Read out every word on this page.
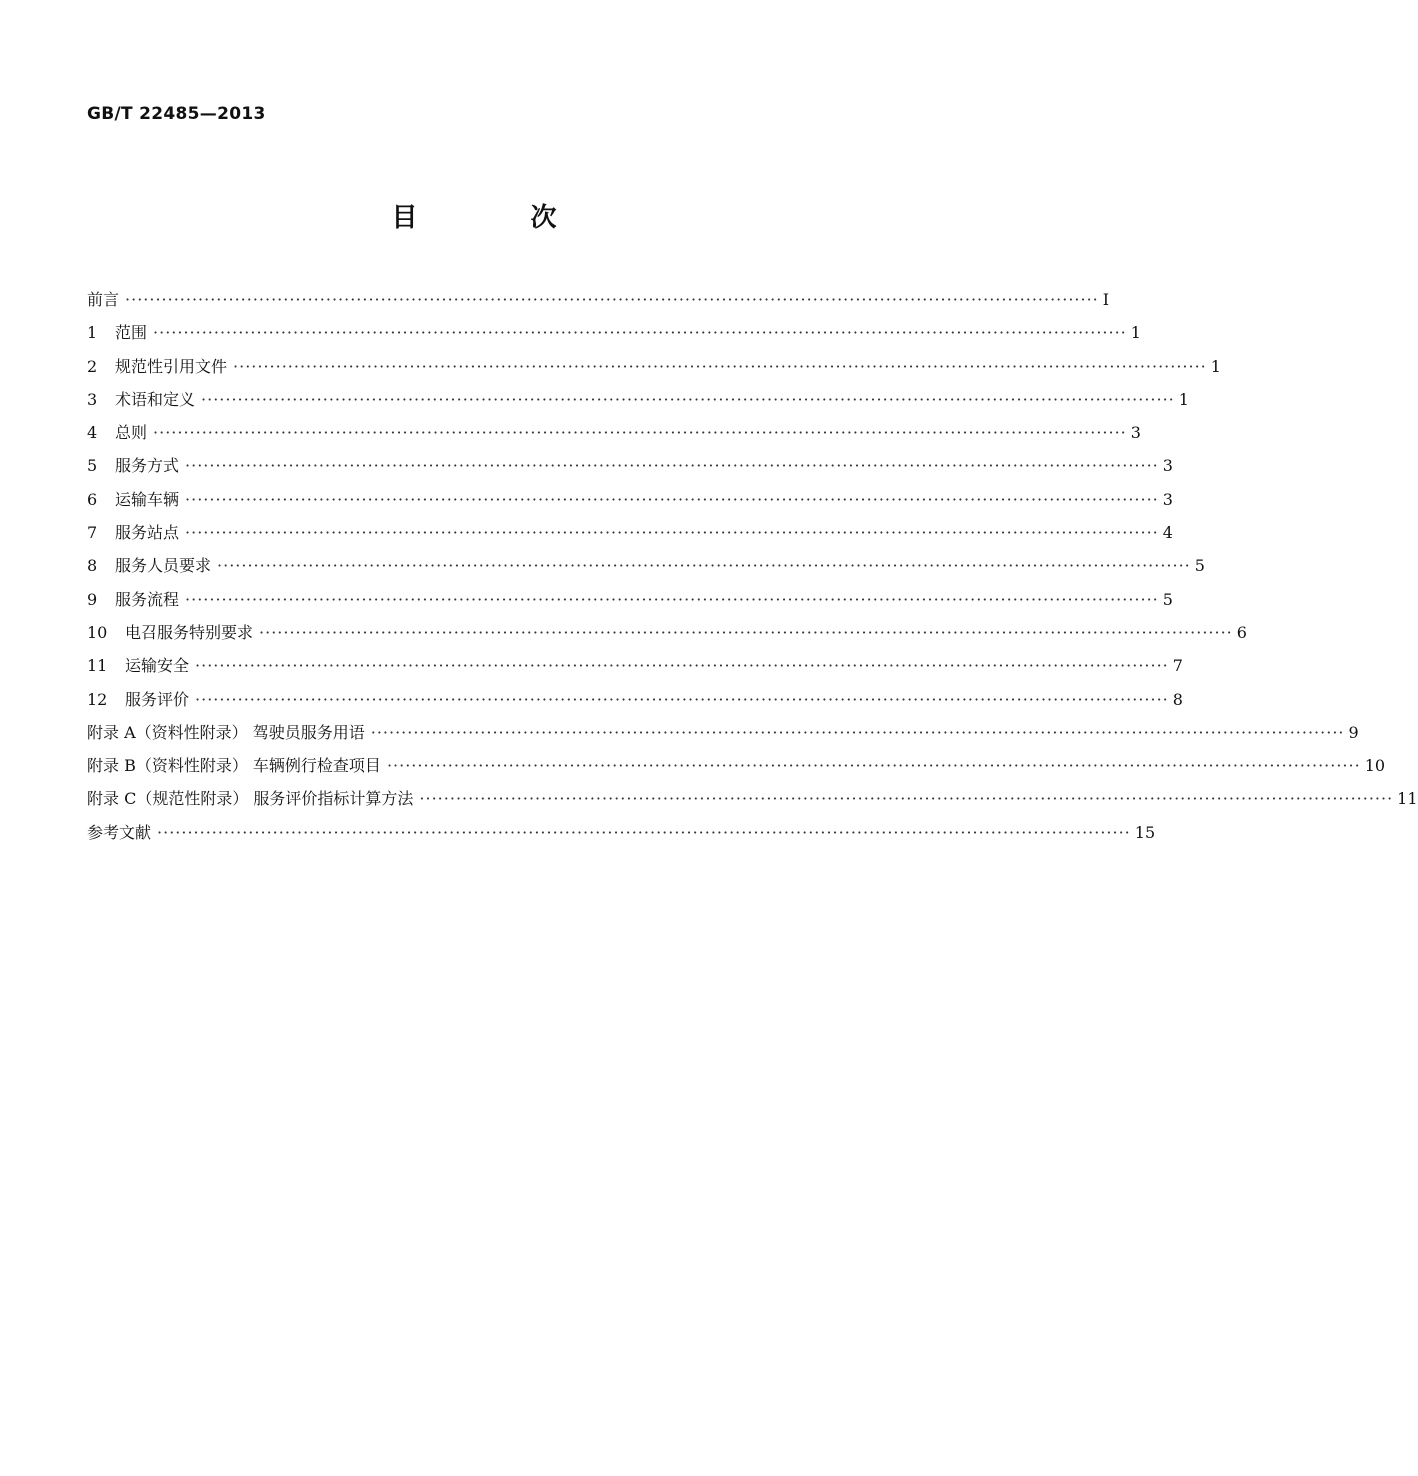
GB/T 22485—2013
目 次
前言 ·····	I
1	范围 ·····	1
2	规范性引用文件 ·····	1
3	术语和定义 ·····	1
4	总则 ·····	3
5	服务方式 ·····	3
6	运输车辆 ·····	3
7	服务站点 ·····	4
8	服务人员要求 ·····	5
9	服务流程 ·····	5
10	电召服务特别要求 ·····	6
11	运输安全 ·····	7
12	服务评价 ·····	8
附录 A（资料性附录） 驾驶员服务用语 ·····	9
附录 B（资料性附录） 车辆例行检查项目 ·····	10
附录 C（规范性附录） 服务评价指标计算方法 ·····	11
参考文献 ·····	15
